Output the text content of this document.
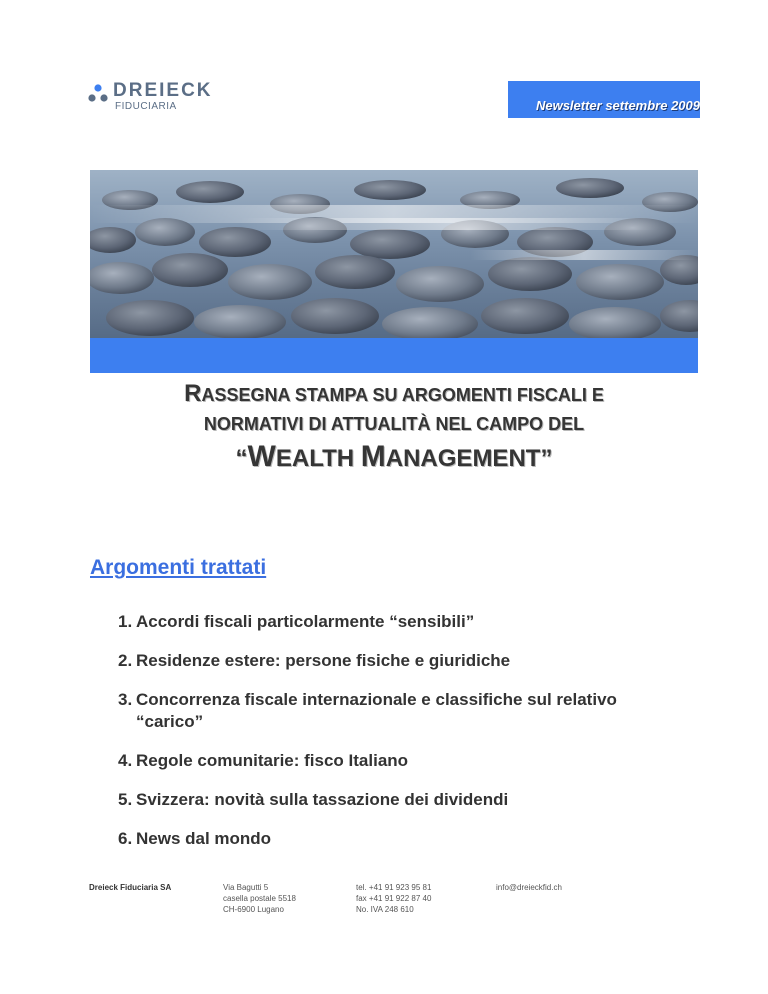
DREIECK
FIDUCIARIA	Newsletter settembre 2009
RASSEGNA STAMPA SU ARGOMENTI FISCALI E
NORMATIVI DI ATTUALITÀ NEL CAMPO DEL
“WEALTH MANAGEMENT”
Argomenti trattati
1. Accordi fiscali particolarmente “sensibili”
2. Residenze estere: persone fisiche e giuridiche
3. Concorrenza fiscale internazionale e classifiche sul relativo “carico”
4. Regole comunitarie: fisco Italiano
5. Svizzera: novità sulla tassazione dei dividendi
6. News dal mondo
Dreieck Fiduciaria SA	Via Bagutti 5
casella postale 5518
CH-6900 Lugano
tel. +41 91 923 95 81
fax +41 91 922 87 40
No. IVA 248 610
info@dreieckfid.ch
